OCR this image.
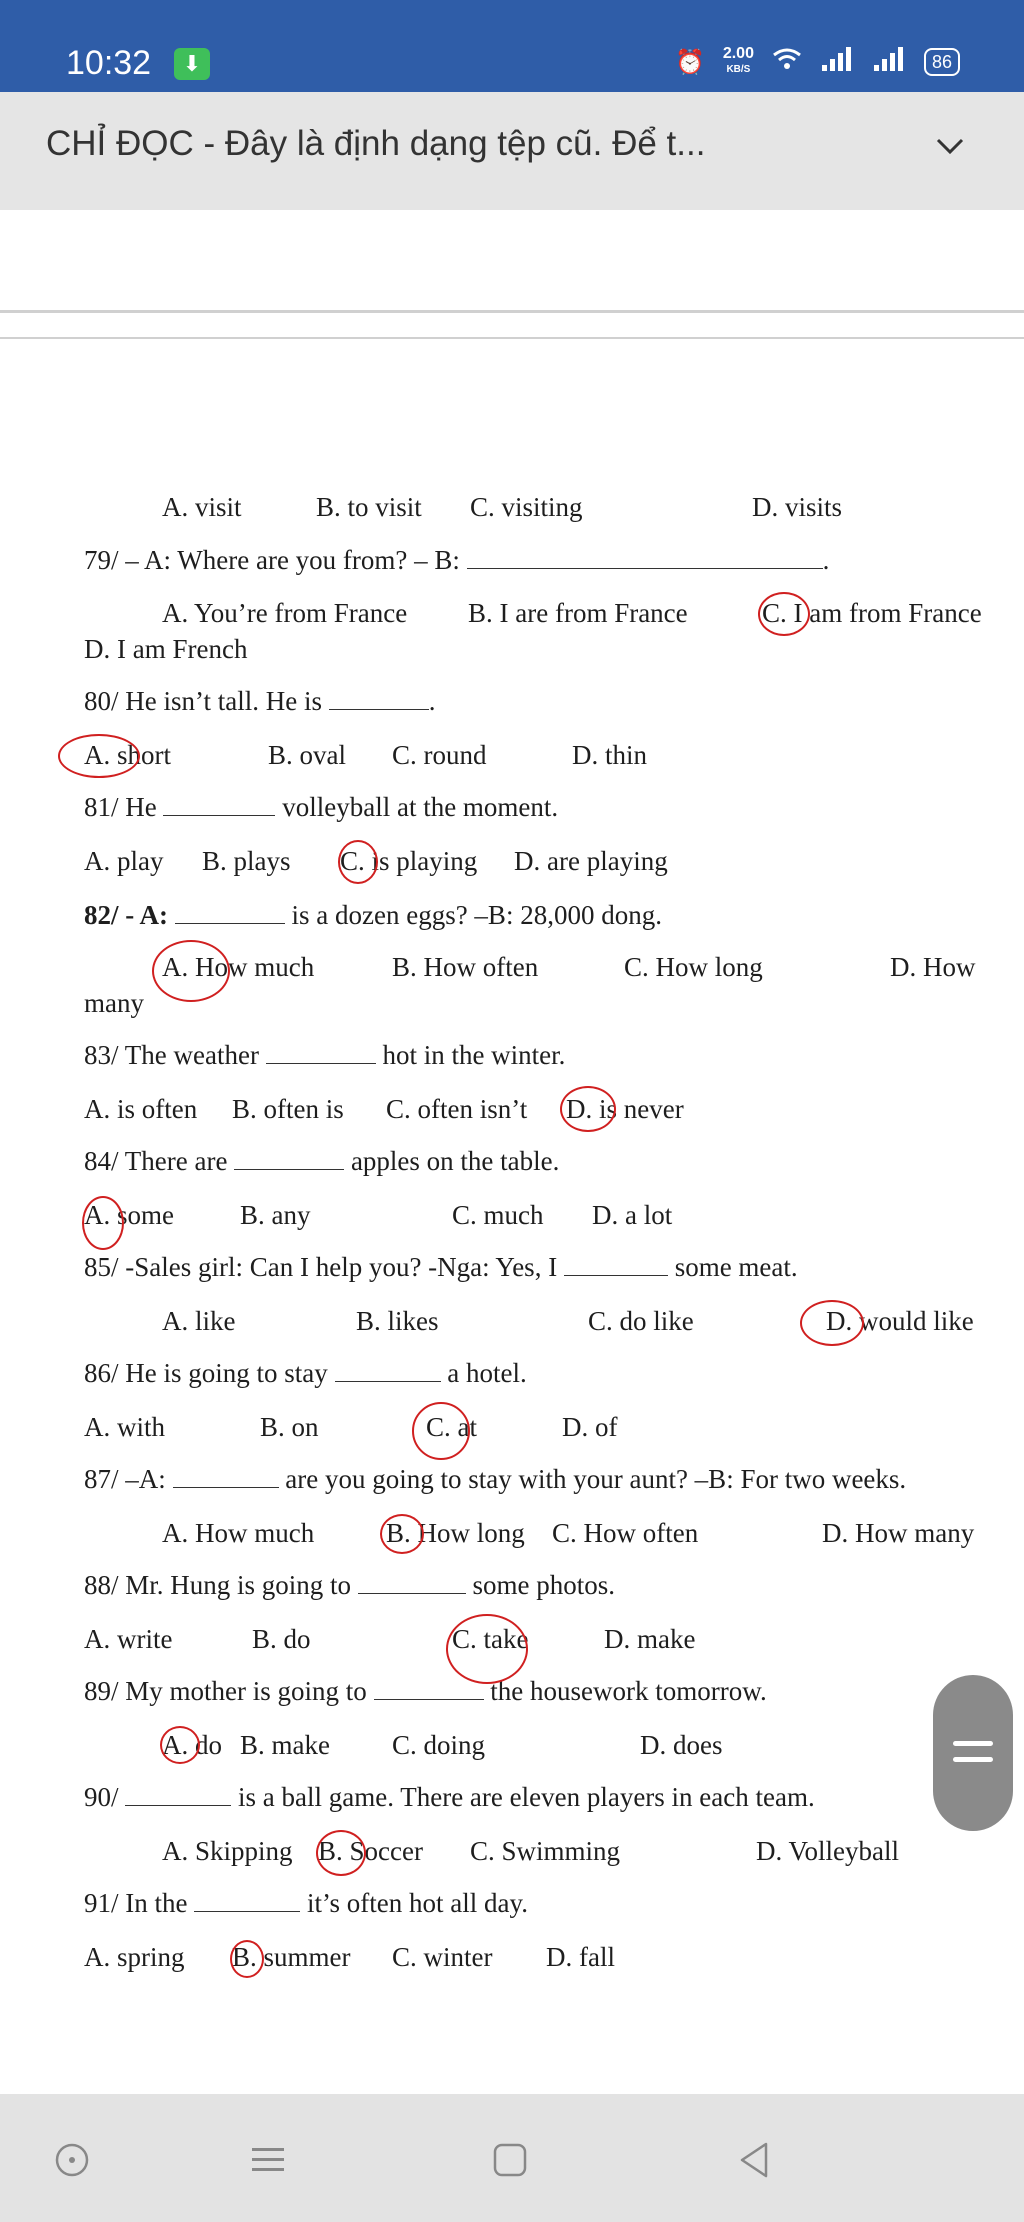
10:32	⬇	⏰ 2.00
KB/S	86
CHỈ ĐỌC - Đây là định dạng tệp cũ. Để t...
A. visit	B. to visit C. visiting	D. visits
79/ – A: Where are you from? – B:	.
A. You’re from France B. I are from France	C. I am from France
D. I am French
80/ He isn’t tall. He is	.
A. short	B. oval C. round	D. thin
81/ He	volleyball at the moment.
A. play B. plays C. is playing D. are playing
82/ - A:	is a dozen eggs? –B: 28,000 dong.
A. How much	B. How often	C. How long	D. How
many
83/ The weather	hot in the winter.
A. is often B. often is C. often isn’t D. is never
84/ There are	apples on the table.
A. some B. any	C. much D. a lot
85/ -Sales girl: Can I help you? -Nga: Yes, I	some meat.
A. like	B. likes	C. do like	D. would like
86/ He is going to stay	a hotel.
A. with	B. on	C. at	D. of
87/ –A:	are you going to stay with your aunt? –B: For two weeks.
A. How much	B. How long C. How often	D. How many
88/ Mr. Hung is going to	some photos.
A. write	B. do	C. take	D. make
89/ My mother is going to	the housework tomorrow.
A. do B. make C. doing	D. does
90/	is a ball game. There are eleven players in each team.
A. Skipping B. Soccer C. Swimming	D. Volleyball
91/ In the	it’s often hot all day.
A. spring B. summer C. winter D. fall
